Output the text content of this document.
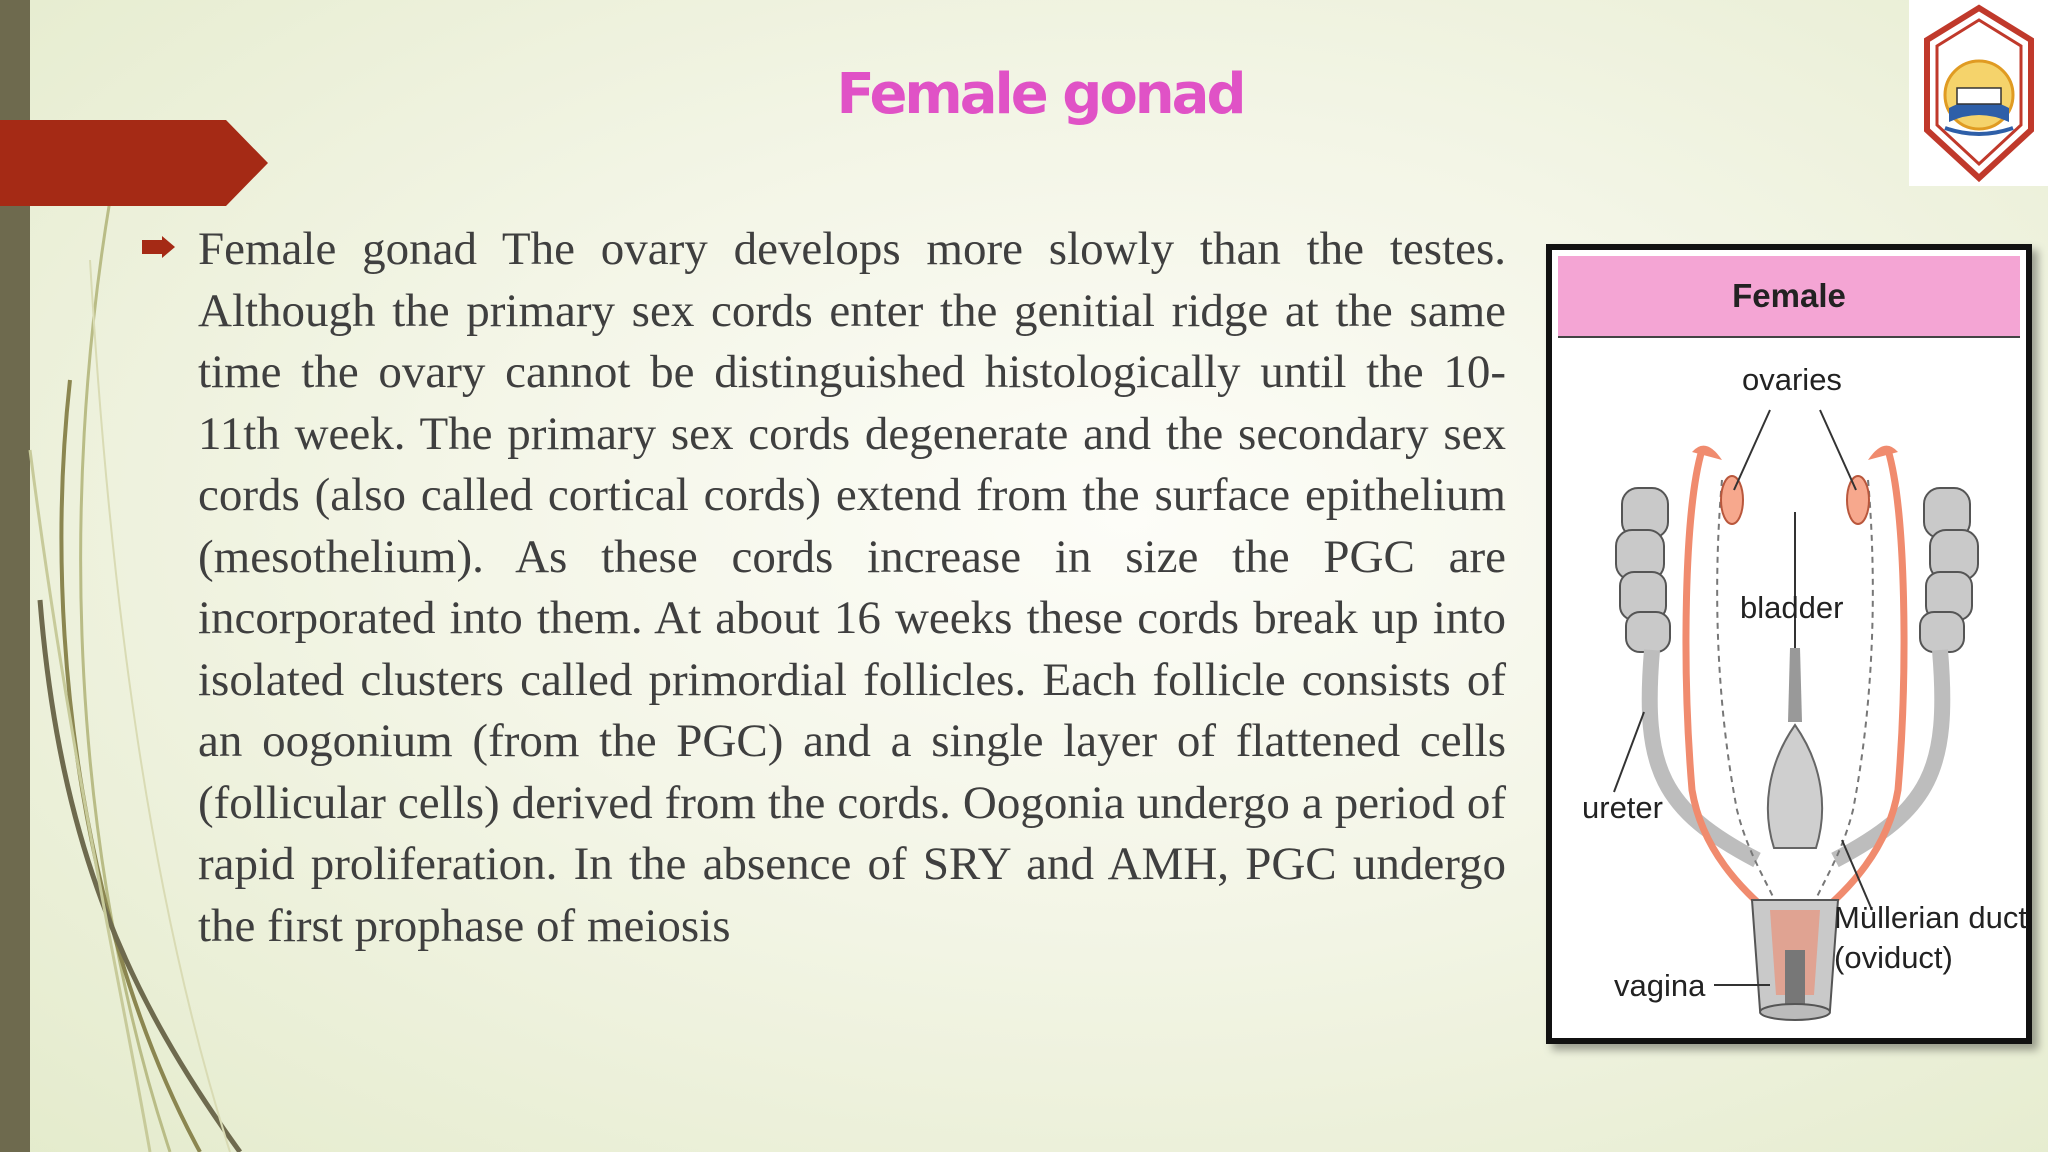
Female gonad
Female gonad The ovary develops more slowly than the testes. Although the primary sex cords enter the genitial ridge at the same time the ovary cannot be distinguished histologically until the 10-11th week. The primary sex cords degenerate and the secondary sex cords (also called cortical cords) extend from the surface epithelium (mesothelium). As these cords increase in size the PGC are incorporated into them. At about 16 weeks these cords break up into isolated clusters called primordial follicles. Each follicle consists of an oogonium (from the PGC) and a single layer of flattened cells (follicular cells) derived from the cords. Oogonia undergo a period of rapid proliferation. In the absence of SRY and AMH, PGC undergo the first prophase of meiosis
Female
ovaries
bladder
ureter
Müllerian duct
(oviduct)
vagina
